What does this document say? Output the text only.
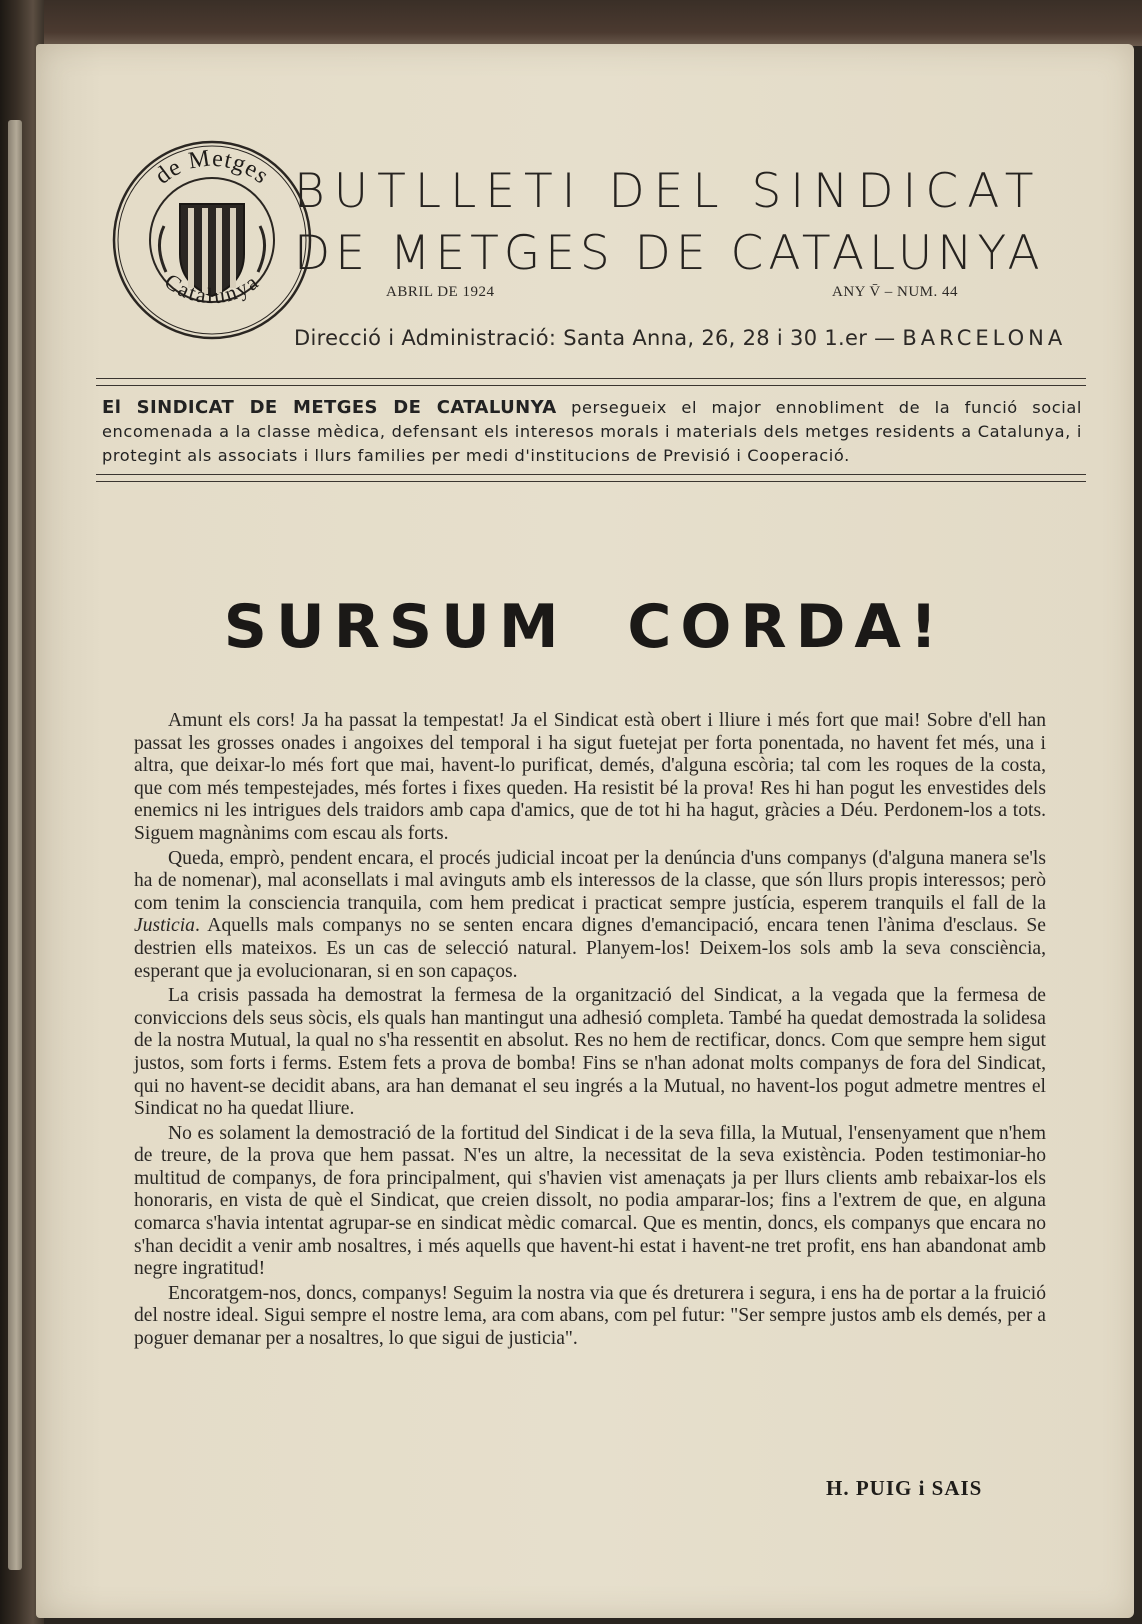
de Metges
Catalunya
BUTLLETI DEL SINDICAT
DE METGES DE CATALUNYA
ABRIL DE 1924	ANY V̄ – NUM. 44
Direcció i Administració: Santa Anna, 26, 28 i 30 1.er — BARCELONA
El SINDICAT DE METGES DE CATALUNYA persegueix el major ennobliment de la funció social encomenada a la classe mèdica, defensant els interesos morals i materials dels metges residents a Catalunya, i protegint als associats i llurs families per medi d'institucions de Previsió i Cooperació.
SURSUM  CORDA!

Amunt els cors! Ja ha passat la tempestat! Ja el Sindicat està obert i lliure i més fort que mai! Sobre d'ell han passat les grosses onades i angoixes del temporal i ha sigut fuetejat per forta ponentada, no havent fet més, una i altra, que deixar-lo més fort que mai, havent-lo purificat, demés, d'alguna escòria; tal com les roques de la costa, que com més tempestejades, més fortes i fixes queden. Ha resistit bé la prova! Res hi han pogut les envestides dels enemics ni les intrigues dels traidors amb capa d'amics, que de tot hi ha hagut, gràcies a Déu. Perdonem-los a tots. Siguem magnànims com escau als forts.

Queda, emprò, pendent encara, el procés judicial incoat per la denúncia d'uns companys (d'alguna manera se'ls ha de nomenar), mal aconsellats i mal avinguts amb els interessos de la classe, que són llurs propis interessos; però com tenim la consciencia tranquila, com hem predicat i practicat sempre justícia, esperem tranquils el fall de la Justicia. Aquells mals companys no se senten encara dignes d'emancipació, encara tenen l'ànima d'esclaus. Se destrien ells mateixos. Es un cas de selecció natural. Planyem-los! Deixem-los sols amb la seva consciència, esperant que ja evolucionaran, si en son capaços.

La crisis passada ha demostrat la fermesa de la organització del Sindicat, a la vegada que la fermesa de conviccions dels seus sòcis, els quals han mantingut una adhesió completa. També ha quedat demostrada la solidesa de la nostra Mutual, la qual no s'ha ressentit en absolut. Res no hem de rectificar, doncs. Com que sempre hem sigut justos, som forts i ferms. Estem fets a prova de bomba! Fins se n'han adonat molts companys de fora del Sindicat, qui no havent-se decidit abans, ara han demanat el seu ingrés a la Mutual, no havent-los pogut admetre mentres el Sindicat no ha quedat lliure.

No es solament la demostració de la fortitud del Sindicat i de la seva filla, la Mutual, l'ensenyament que n'hem de treure, de la prova que hem passat. N'es un altre, la necessitat de la seva existència. Poden testimoniar-ho multitud de companys, de fora principalment, qui s'havien vist amenaçats ja per llurs clients amb rebaixar-los els honoraris, en vista de què el Sindicat, que creien dissolt, no podia amparar-los; fins a l'extrem de que, en alguna comarca s'havia intentat agrupar-se en sindicat mèdic comarcal. Que es mentin, doncs, els companys que encara no s'han decidit a venir amb nosaltres, i més aquells que havent-hi estat i havent-ne tret profit, ens han abandonat amb negre ingratitud!

Encoratgem-nos, doncs, companys! Seguim la nostra via que és dreturera i segura, i ens ha de portar a la fruició del nostre ideal. Sigui sempre el nostre lema, ara com abans, com pel futur: "Ser sempre justos amb els demés, per a poguer demanar per a nosaltres, lo que sigui de justicia".

H. PUIG i SAIS
